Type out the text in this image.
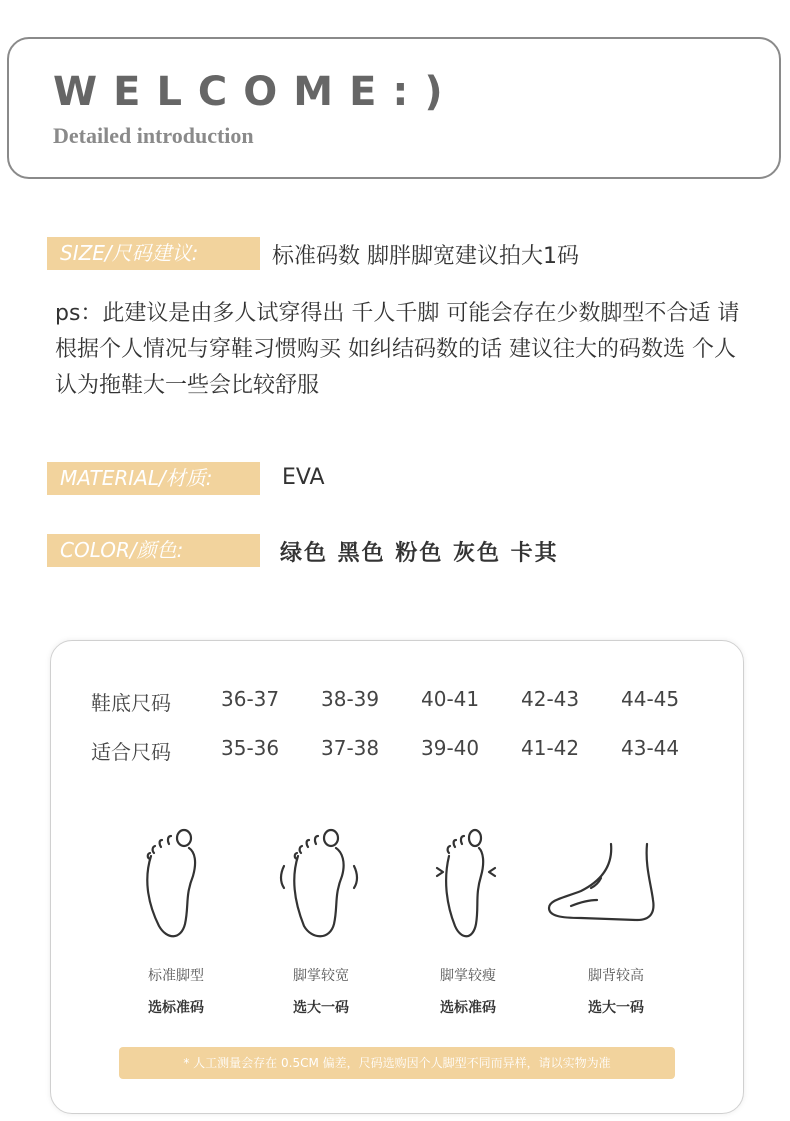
WELCOME:)
Detailed introduction
SIZE/尺码建议:	标准码数 脚胖脚宽建议拍大1码
ps：此建议是由多人试穿得出 千人千脚 可能会存在少数脚型不合适 请根据个人情况与穿鞋习惯购买 如纠结码数的话 建议往大的码数选 个人认为拖鞋大一些会比较舒服
MATERIAL/材质:	EVA
COLOR/颜色:	绿色 黑色 粉色 灰色 卡其
鞋底尺码	36-37 38-39 40-41 42-43 44-45
适合尺码	35-36 37-38 39-40 41-42 43-44
标准脚型
选标准码
脚掌较宽
选大一码
脚掌较瘦
选标准码
脚背较高
选大一码
* 人工测量会存在 0.5CM 偏差，尺码选购因个人脚型不同而异样，请以实物为准
